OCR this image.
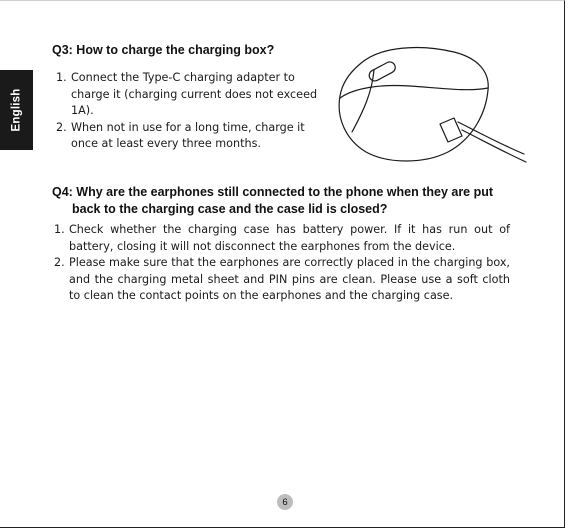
English
Q3: How to charge the charging box?
1. Connect the Type-C charging adapter to charge it (charging current does not exceed 1A).
2. When not in use for a long time, charge it once at least every three months.
Q4: Why are the earphones still connected to the phone when they are put
back to the charging case and the case lid is closed?
1. Check whether the charging case has battery power. If it has run out of battery, closing it will not disconnect the earphones from the device.
2. Please make sure that the earphones are correctly placed in the charging box, and the charging metal sheet and PIN pins are clean. Please use a soft cloth to clean the contact points on the earphones and the charging case.
6
